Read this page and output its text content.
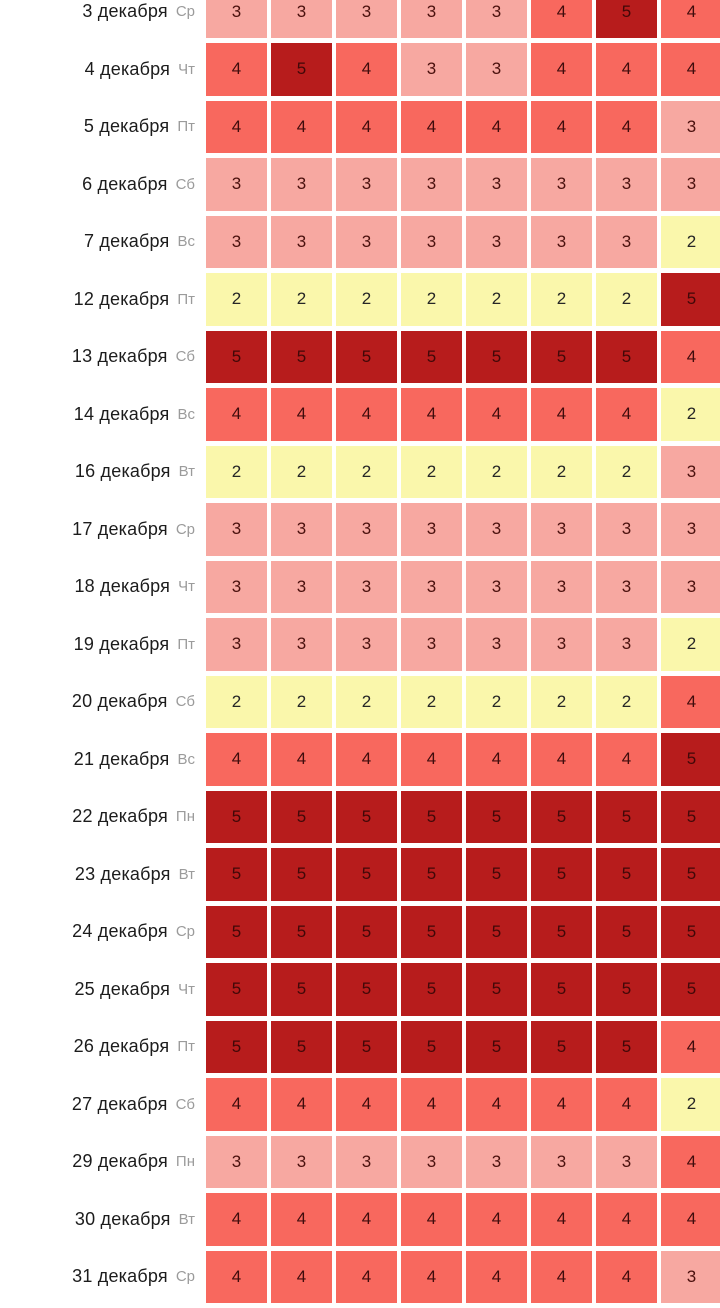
3 декабря Ср	3	3	3	3	3	4	5	4
4 декабря Чт	4	5	4	3	3	4	4	4
5 декабря Пт	4	4	4	4	4	4	4	3
6 декабря Сб	3	3	3	3	3	3	3	3
7 декабря Вс	3	3	3	3	3	3	3	2
12 декабря Пт	2	2	2	2	2	2	2	5
13 декабря Сб	5	5	5	5	5	5	5	4
14 декабря Вс	4	4	4	4	4	4	4	2
16 декабря Вт	2	2	2	2	2	2	2	3
17 декабря Ср	3	3	3	3	3	3	3	3
18 декабря Чт	3	3	3	3	3	3	3	3
19 декабря Пт	3	3	3	3	3	3	3	2
20 декабря Сб	2	2	2	2	2	2	2	4
21 декабря Вс	4	4	4	4	4	4	4	5
22 декабря Пн	5	5	5	5	5	5	5	5
23 декабря Вт	5	5	5	5	5	5	5	5
24 декабря Ср	5	5	5	5	5	5	5	5
25 декабря Чт	5	5	5	5	5	5	5	5
26 декабря Пт	5	5	5	5	5	5	5	4
27 декабря Сб	4	4	4	4	4	4	4	2
29 декабря Пн	3	3	3	3	3	3	3	4
30 декабря Вт	4	4	4	4	4	4	4	4
31 декабря Ср	4	4	4	4	4	4	4	3
